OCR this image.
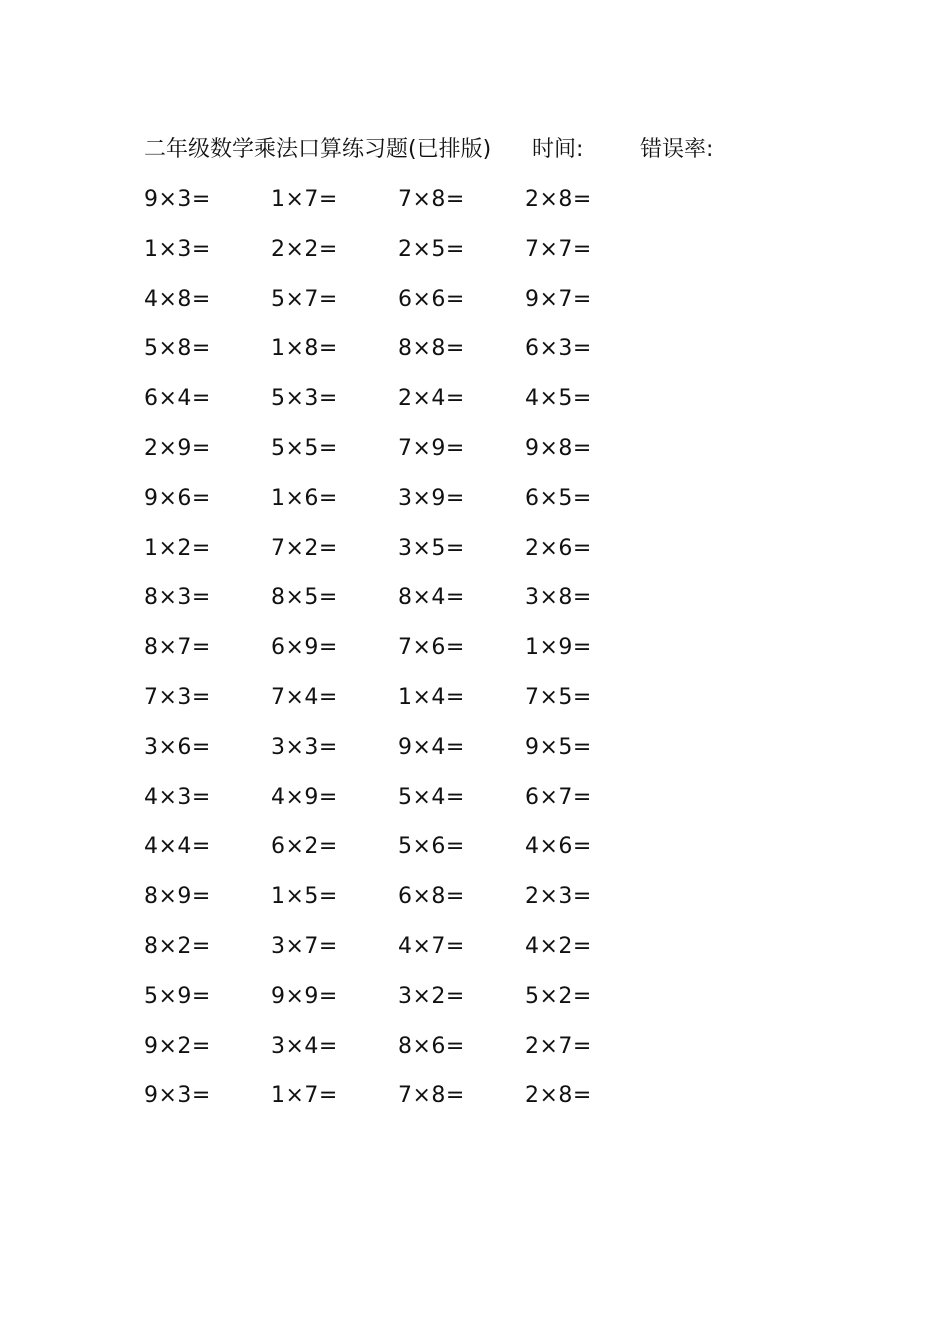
二年级数学乘法口算练习题(已排版) 时间:	错误率:
9×3=	1×7=	7×8=	2×8=
1×3=	2×2=	2×5=	7×7=
4×8=	5×7=	6×6=	9×7=
5×8=	1×8=	8×8=	6×3=
6×4=	5×3=	2×4=	4×5=
2×9=	5×5=	7×9=	9×8=
9×6=	1×6=	3×9=	6×5=
1×2=	7×2=	3×5=	2×6=
8×3=	8×5=	8×4=	3×8=
8×7=	6×9=	7×6=	1×9=
7×3=	7×4=	1×4=	7×5=
3×6=	3×3=	9×4=	9×5=
4×3=	4×9=	5×4=	6×7=
4×4=	6×2=	5×6=	4×6=
8×9=	1×5=	6×8=	2×3=
8×2=	3×7=	4×7=	4×2=
5×9=	9×9=	3×2=	5×2=
9×2=	3×4=	8×6=	2×7=
9×3=	1×7=	7×8=	2×8=
